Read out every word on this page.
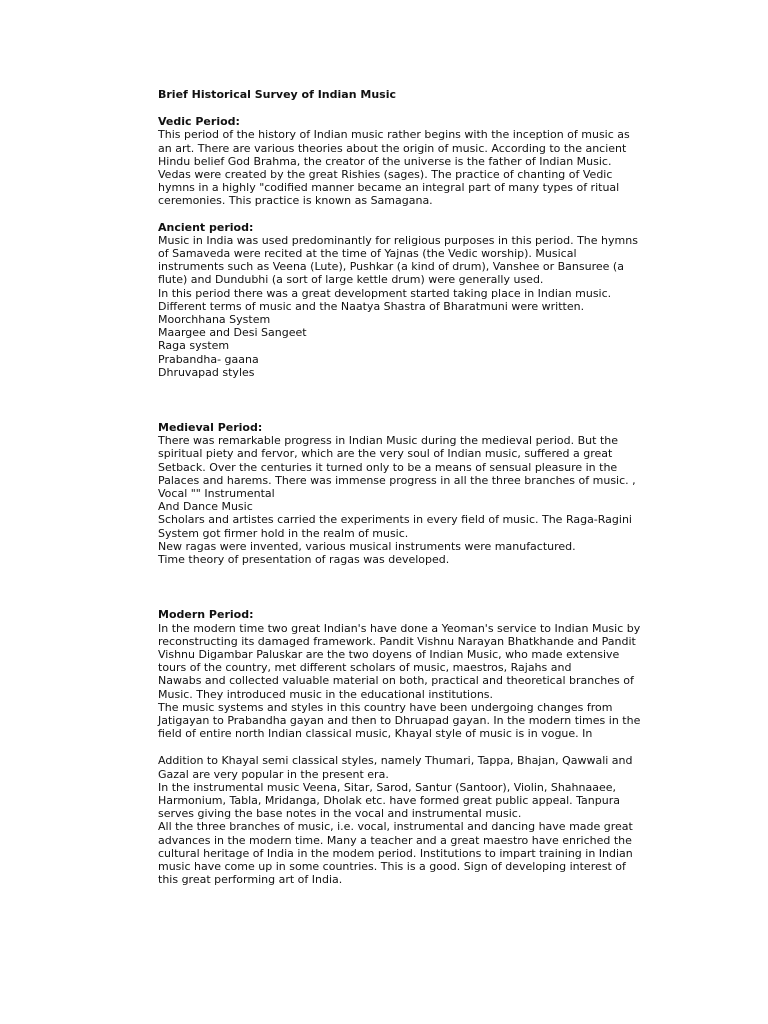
Brief Historical Survey of Indian Music
Vedic Period:
This period of the history of Indian music rather begins with the inception of music as
an art. There are various theories about the origin of music. According to the ancient
Hindu belief God Brahma, the creator of the universe is the father of Indian Music.
Vedas were created by the great Rishies (sages). The practice of chanting of Vedic
hymns in a highly "codified manner became an integral part of many types of ritual
ceremonies. This practice is known as Samagana.
Ancient period:
Music in India was used predominantly for religious purposes in this period. The hymns
of Samaveda were recited at the time of Yajnas (the Vedic worship). Musical
instruments such as Veena (Lute), Pushkar (a kind of drum), Vanshee or Bansuree (a
flute) and Dundubhi (a sort of large kettle drum) were generally used.
In this period there was a great development started taking place in Indian music.
Different terms of music and the Naatya Shastra of Bharatmuni were written.
Moorchhana System
Maargee and Desi Sangeet
Raga system
Prabandha- gaana
Dhruvapad styles
Medieval Period:
There was remarkable progress in Indian Music during the medieval period. But the
spiritual piety and fervor, which are the very soul of Indian music, suffered a great
Setback. Over the centuries it turned only to be a means of sensual pleasure in the
Palaces and harems. There was immense progress in all the three branches of music. ,
Vocal "" Instrumental
And Dance Music
Scholars and artistes carried the experiments in every field of music. The Raga-Ragini
System got firmer hold in the realm of music.
New ragas were invented, various musical instruments were manufactured.
Time theory of presentation of ragas was developed.
Modern Period:
In the modern time two great Indian's have done a Yeoman's service to Indian Music by
reconstructing its damaged framework. Pandit Vishnu Narayan Bhatkhande and Pandit
Vishnu Digambar Paluskar are the two doyens of Indian Music, who made extensive
tours of the country, met different scholars of music, maestros, Rajahs and
Nawabs and collected valuable material on both, practical and theoretical branches of
Music. They introduced music in the educational institutions.
The music systems and styles in this country have been undergoing changes from
Jatigayan to Prabandha gayan and then to Dhruapad gayan. In the modern times in the
field of entire north Indian classical music, Khayal style of music is in vogue. In
Addition to Khayal semi classical styles, namely Thumari, Tappa, Bhajan, Qawwali and
Gazal are very popular in the present era.
In the instrumental music Veena, Sitar, Sarod, Santur (Santoor), Violin, Shahnaaee,
Harmonium, Tabla, Mridanga, Dholak etc. have formed great public appeal. Tanpura
serves giving the base notes in the vocal and instrumental music.
All the three branches of music, i.e. vocal, instrumental and dancing have made great
advances in the modern time. Many a teacher and a great maestro have enriched the
cultural heritage of India in the modem period. Institutions to impart training in Indian
music have come up in some countries. This is a good. Sign of developing interest of
this great performing art of India.
